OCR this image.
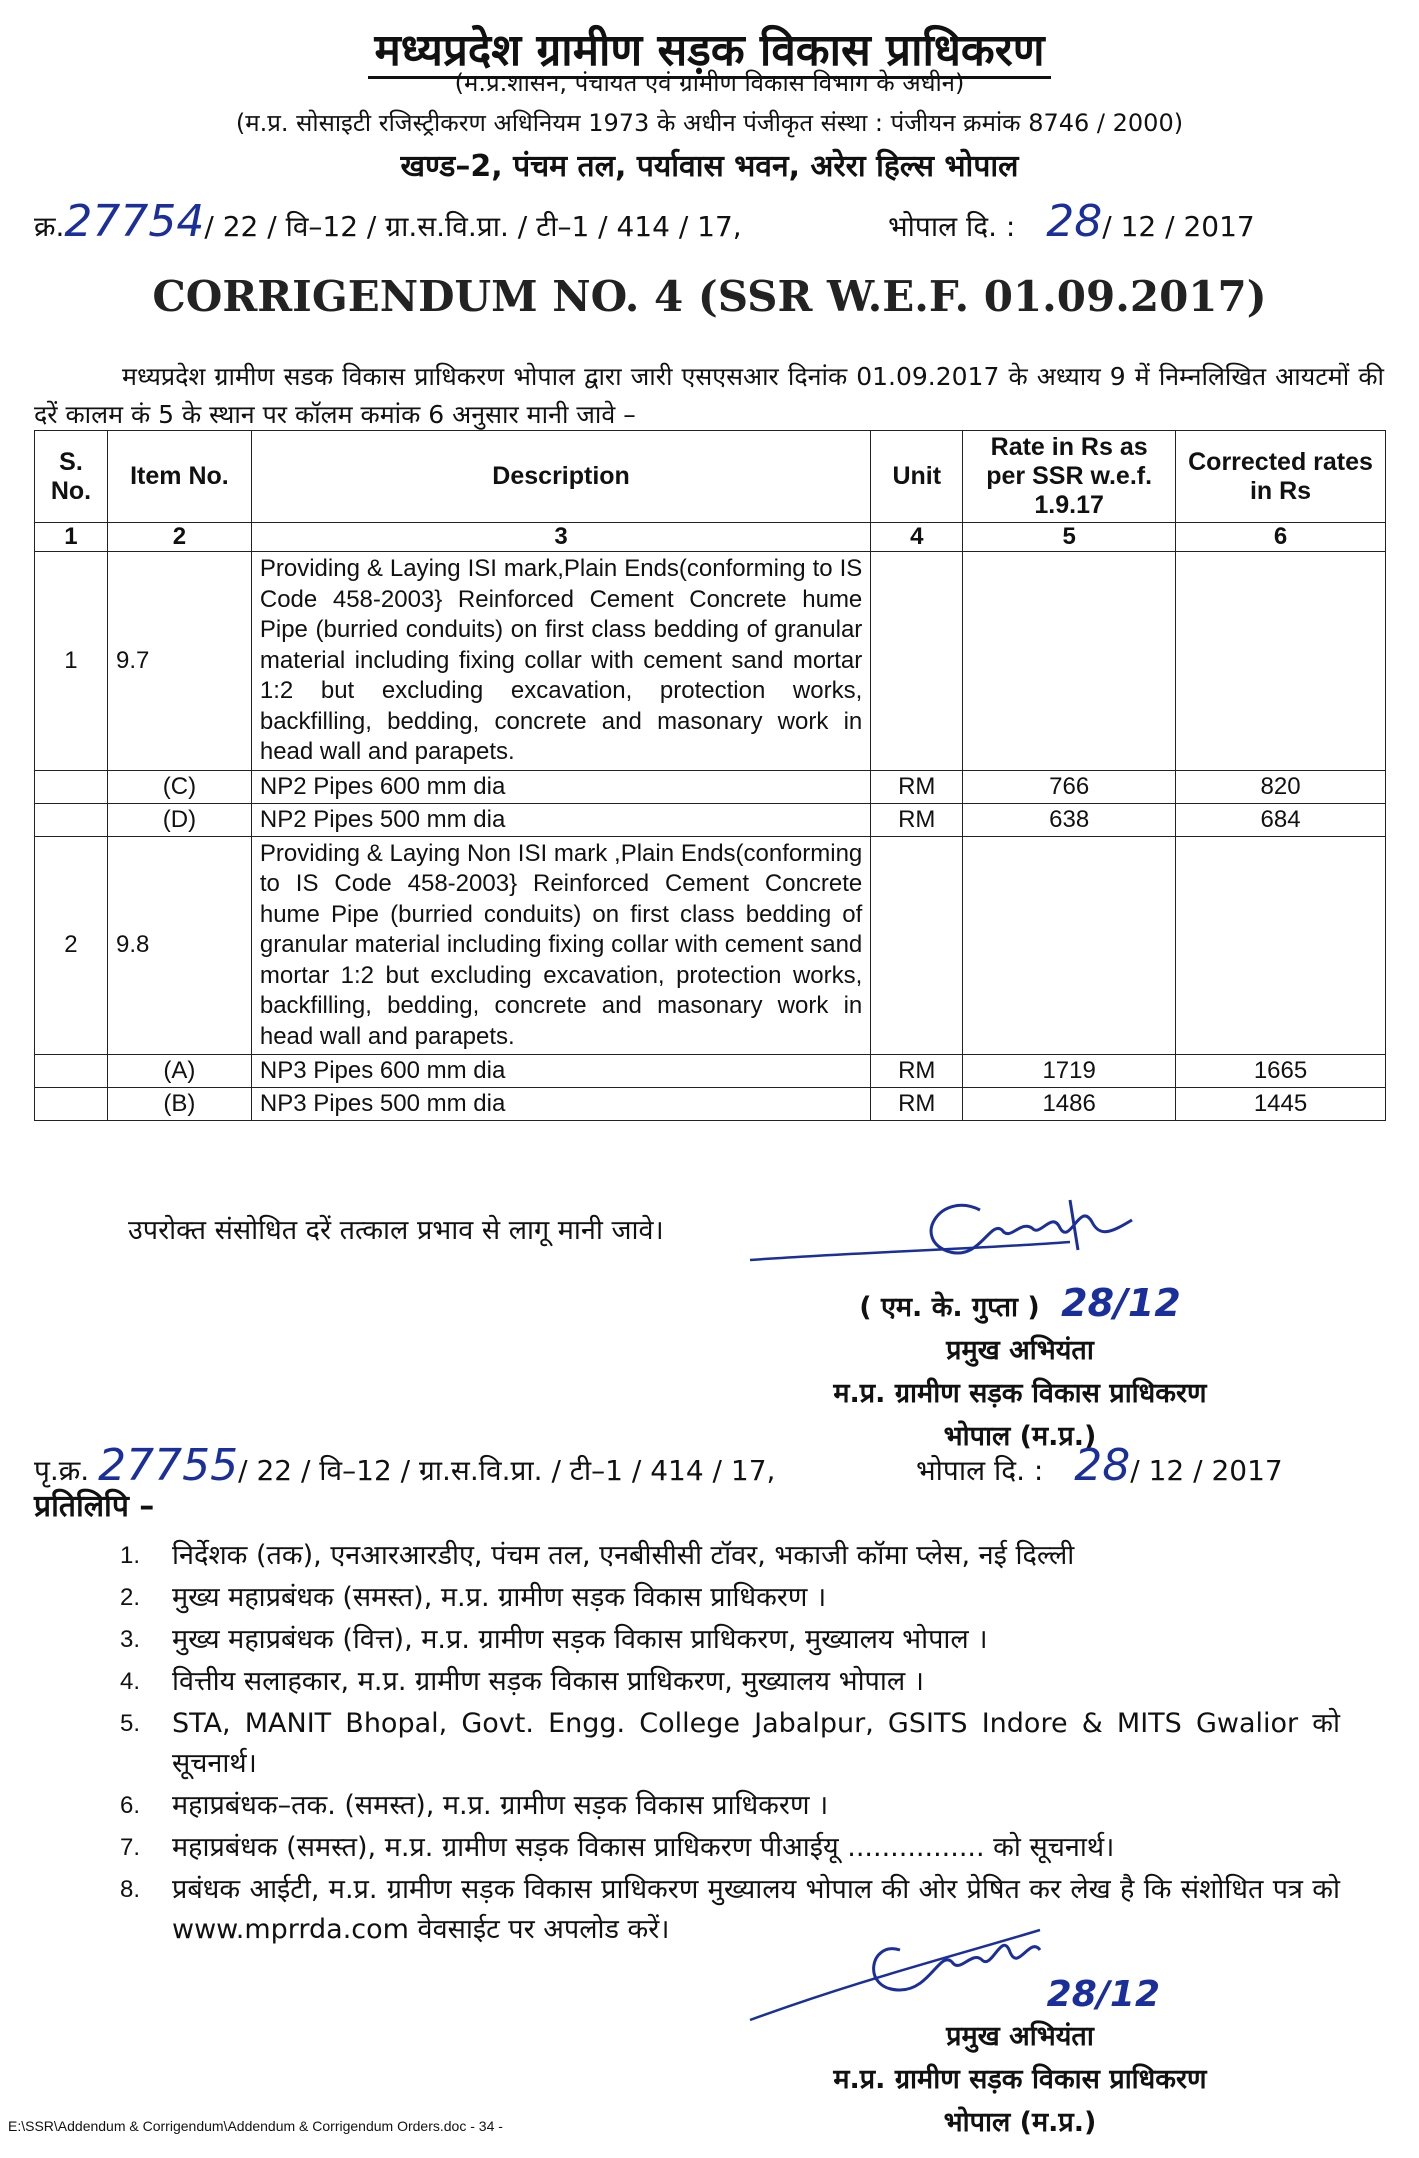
मध्यप्रदेश ग्रामीण सड़क विकास प्राधिकरण
(म.प्र.शासन, पंचायत एवं ग्रामीण विकास विभाग के अधीन)
(म.प्र. सोसाइटी रजिस्ट्रीकरण अधिनियम 1973 के अधीन पंजीकृत संस्था : पंजीयन क्रमांक 8746 / 2000)
खण्ड–2, पंचम तल, पर्यावास भवन, अरेरा हिल्स भोपाल
क्र.27754/ 22 / वि–12 / ग्रा.स.वि.प्रा. / टी–1 / 414 / 17,	भोपाल दि. : 28/ 12 / 2017
CORRIGENDUM NO. 4 (SSR W.E.F. 01.09.2017)
मध्यप्रदेश ग्रामीण सडक विकास प्राधिकरण भोपाल द्वारा जारी एसएसआर दिनांक 01.09.2017 के अध्याय 9 में निम्नलिखित आयटमों की दरें कालम कं 5 के स्थान पर कॉलम कमांक 6 अनुसार मानी जावे –
S. No.	Item No.	Description	Unit	Rate in Rs as per SSR w.e.f. 1.9.17	Corrected rates in Rs
1	2	3	4	5	6
1	9.7	Providing & Laying ISI mark,Plain Ends(conforming to IS Code 458-2003} Reinforced Cement Concrete hume Pipe (burried conduits) on first class bedding of granular material including fixing collar with cement sand mortar 1:2 but excluding excavation, protection works, backfilling, bedding, concrete and masonary work in head wall and parapets.			
	(C)	NP2 Pipes 600 mm dia	RM	766	820
	(D)	NP2 Pipes 500 mm dia	RM	638	684
2	9.8	Providing & Laying Non ISI mark ,Plain Ends(conforming to IS Code 458-2003} Reinforced Cement Concrete hume Pipe (burried conduits) on first class bedding of granular material including fixing collar with cement sand mortar 1:2 but excluding excavation, protection works, backfilling, bedding, concrete and masonary work in head wall and parapets.			
	(A)	NP3 Pipes 600 mm dia	RM	1719	1665
	(B)	NP3 Pipes 500 mm dia	RM	1486	1445
उपरोक्त संसोधित दरें तत्काल प्रभाव से लागू मानी जावे।
( एम. के. गुप्ता ) 28/12
प्रमुख अभियंता
म.प्र. ग्रामीण सड़क विकास प्राधिकरण
भोपाल (म.प्र.)
पृ.क्र. 27755/ 22 / वि–12 / ग्रा.स.वि.प्रा. / टी–1 / 414 / 17,	भोपाल दि. : 28/ 12 / 2017
प्रतिलिपि –
1. निर्देशक (तक), एनआरआरडीए, पंचम तल, एनबीसीसी टॉवर, भकाजी कॉमा प्लेस, नई दिल्ली
2. मुख्य महाप्रबंधक (समस्त), म.प्र. ग्रामीण सड़क विकास प्राधिकरण ।
3. मुख्य महाप्रबंधक (वित्त), म.प्र. ग्रामीण सड़क विकास प्राधिकरण, मुख्यालय भोपाल ।
4. वित्तीय सलाहकार, म.प्र. ग्रामीण सड़क विकास प्राधिकरण, मुख्यालय भोपाल ।
5. STA, MANIT Bhopal, Govt. Engg. College Jabalpur, GSITS Indore & MITS Gwalior को सूचनार्थ।
6. महाप्रबंधक–तक. (समस्त), म.प्र. ग्रामीण सड़क विकास प्राधिकरण ।
7. महाप्रबंधक (समस्त), म.प्र. ग्रामीण सड़क विकास प्राधिकरण पीआईयू ................ को सूचनार्थ।
8. प्रबंधक आईटी, म.प्र. ग्रामीण सड़क विकास प्राधिकरण मुख्यालय भोपाल की ओर प्रेषित कर लेख है कि संशोधित पत्र को www.mprrda.com वेवसाईट पर अपलोड करें।
28/12
प्रमुख अभियंता
म.प्र. ग्रामीण सड़क विकास प्राधिकरण
भोपाल (म.प्र.)
E:\SSR\Addendum & Corrigendum\Addendum & Corrigendum Orders.doc - 34 -
